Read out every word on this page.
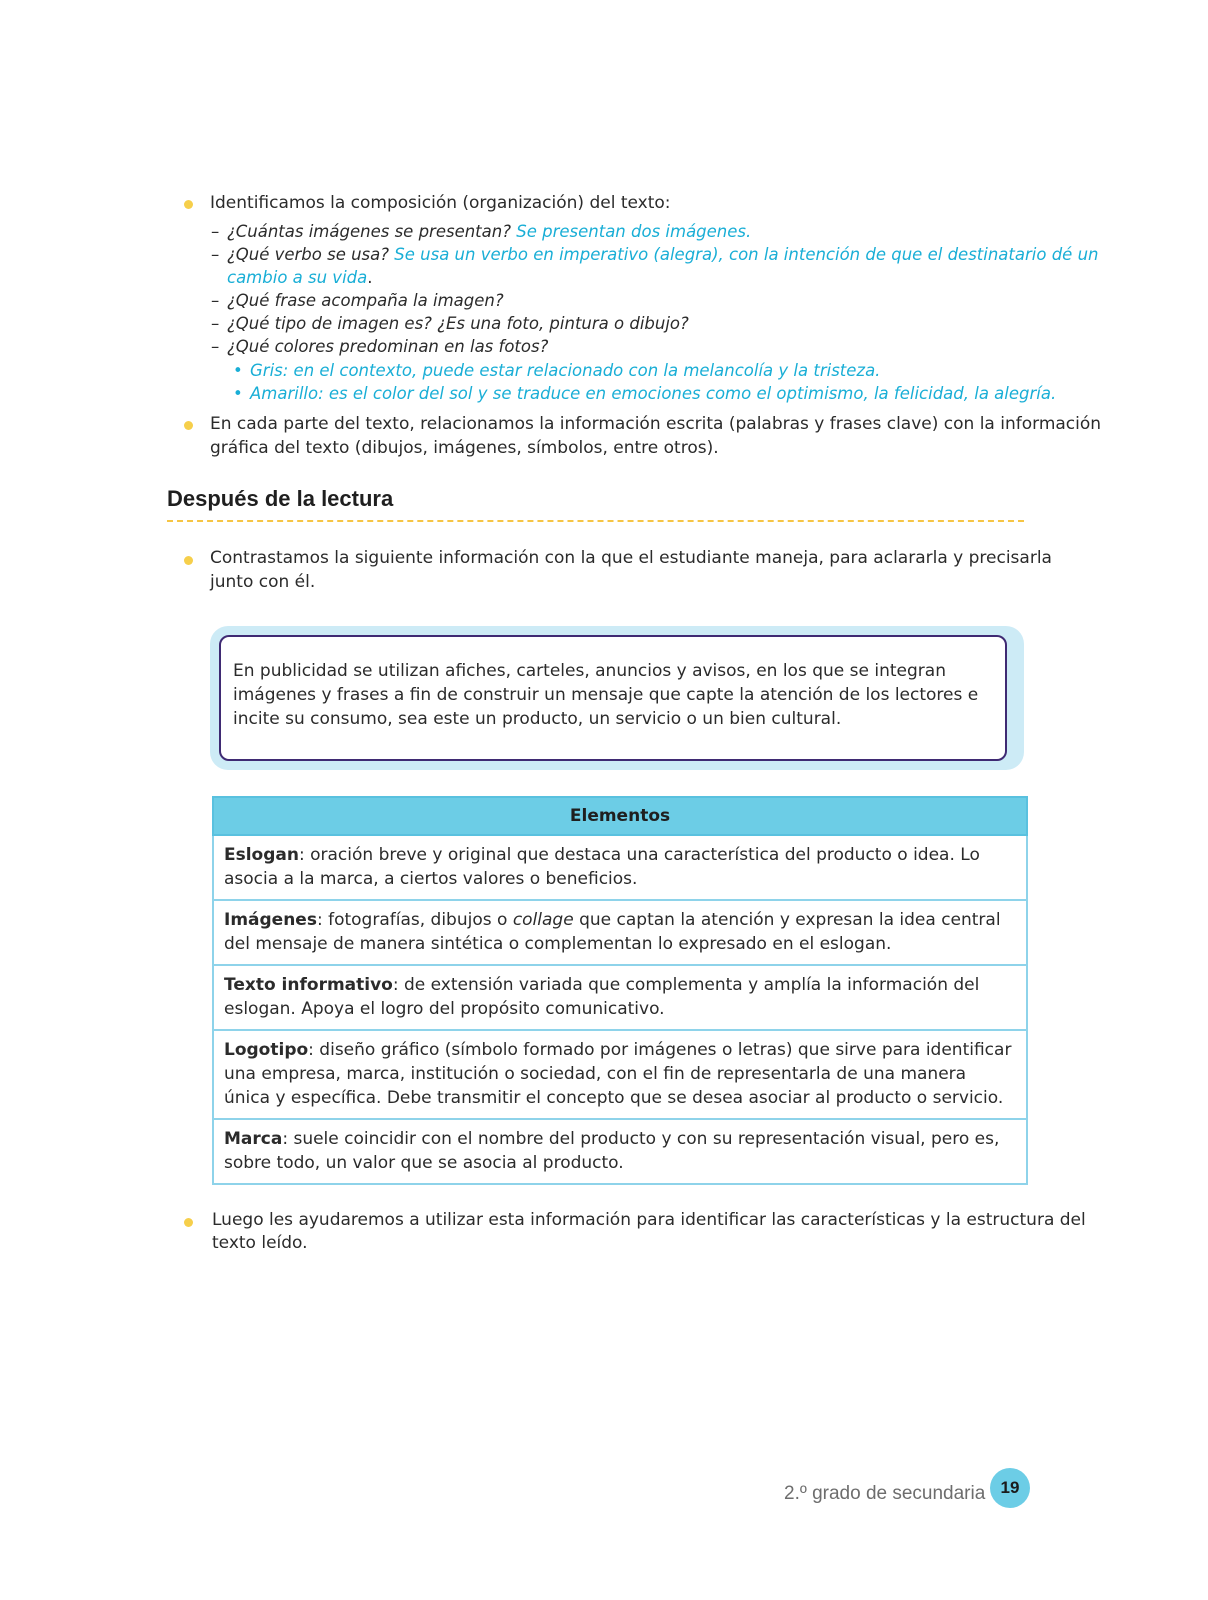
Identificamos la composición (organización) del texto:
– ¿Cuántas imágenes se presentan? Se presentan dos imágenes.
– ¿Qué verbo se usa? Se usa un verbo en imperativo (alegra), con la intención de que el destinatario dé un
cambio a su vida.
– ¿Qué frase acompaña la imagen?
– ¿Qué tipo de imagen es? ¿Es una foto, pintura o dibujo?
– ¿Qué colores predominan en las fotos?
• Gris: en el contexto, puede estar relacionado con la melancolía y la tristeza.
• Amarillo: es el color del sol y se traduce en emociones como el optimismo, la felicidad, la alegría.
En cada parte del texto, relacionamos la información escrita (palabras y frases clave) con la información
gráfica del texto (dibujos, imágenes, símbolos, entre otros).
Después de la lectura
Contrastamos la siguiente información con la que el estudiante maneja, para aclararla y precisarla
junto con él.
En publicidad se utilizan afiches, carteles, anuncios y avisos, en los que se integran imágenes y frases a fin de construir un mensaje que capte la atención de los lectores e incite su consumo, sea este un producto, un servicio o un bien cultural.
Elementos
Eslogan: oración breve y original que destaca una característica del producto o idea. Lo asocia a la marca, a ciertos valores o beneficios.
Imágenes: fotografías, dibujos o collage que captan la atención y expresan la idea central del mensaje de manera sintética o complementan lo expresado en el eslogan.
Texto informativo: de extensión variada que complementa y amplía la información del eslogan. Apoya el logro del propósito comunicativo.
Logotipo: diseño gráfico (símbolo formado por imágenes o letras) que sirve para identificar una empresa, marca, institución o sociedad, con el fin de representarla de una manera única y específica. Debe transmitir el concepto que se desea asociar al producto o servicio.
Marca: suele coincidir con el nombre del producto y con su representación visual, pero es, sobre todo, un valor que se asocia al producto.
Luego les ayudaremos a utilizar esta información para identificar las características y la estructura del
texto leído.
2.º grado de secundaria 19
